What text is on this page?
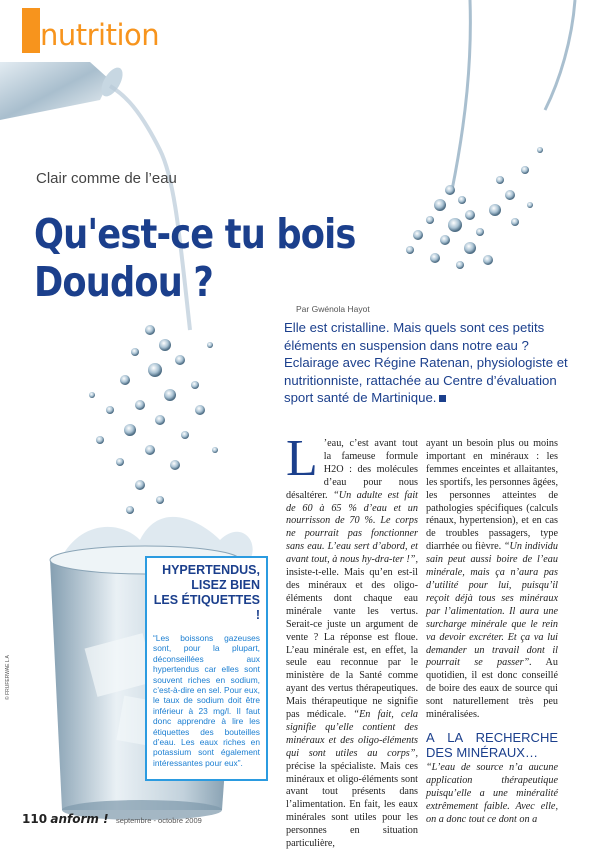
nutrition
Clair comme de l’eau
Qu'est-ce tu bois
Doudou ?
Par Gwénola Hayot
Elle est cristalline. Mais quels sont ces petits éléments en suspension dans notre eau ? Eclairage avec Régine Ratenan, physiologiste et nutritionniste, rattachée au Centre d’évaluation sport santé de Martinique.
L ’eau, c’est avant tout la fameuse formule H2O : des molécules d’eau pour nous désaltérer. “Un adulte est fait de 60 à 65 % d’eau et un nourrisson de 70 %. Le corps ne pourrait pas fonctionner sans eau. L’eau sert d’abord, et avant tout, à nous hy-dra-ter !”, insiste-t-elle. Mais qu’en est-il des minéraux et des oligo-éléments dont chaque eau minérale vante les vertus. Serait-ce juste un argument de vente ? La réponse est floue. L’eau minérale est, en effet, la seule eau reconnue par le ministère de la Santé comme ayant des vertus thérapeutiques. Mais thérapeutique ne signifie pas médicale. “En fait, cela signifie qu’elle contient des minéraux et des oligo-éléments qui sont utiles au corps”, précise la spécialiste. Mais ces minéraux et oligo-éléments sont avant tout présents dans l’alimentation. En fait, les eaux minérales sont utiles pour les personnes en situation particulière,
ayant un besoin plus ou moins important en minéraux : les femmes enceintes et allaitantes, les sportifs, les personnes âgées, les personnes atteintes de pathologies spécifiques (calculs rénaux, hypertension), et en cas de troubles passagers, type diarrhée ou fièvre. “Un individu sain peut aussi boire de l’eau minérale, mais ça n’aura pas d’utilité pour lui, puisqu’il reçoit déjà tous ses minéraux par l’alimentation. Il aura une surcharge minérale que le rein va devoir excréter. Et ça va lui demander un travail dont il pourrait se passer”. Au quotidien, il est donc conseillé de boire des eaux de source qui sont naturellement très peu minéralisées.
A LA RECHERCHE DES MINÉRAUX…
“L’eau de source n’a aucune application thérapeutique puisqu’elle a une minéralité extrêmement faible. Avec elle, on a donc tout ce dont on a
HYPERTENDUS,
LISEZ BIEN
LES ÉTIQUETTES !
“Les boissons gazeuses sont, pour la plupart, déconseillées aux hypertendus car elles sont souvent riches en sodium, c’est-à-dire en sel. Pour eux, le taux de sodium doit être inférieur à 23 mg/l. Il faut donc apprendre à lire les étiquettes des bouteilles d’eau. Les eaux riches en potassium sont également intéressantes pour eux”.
© FRUFERWAE L A
110 anform ! septembre - octobre 2009
